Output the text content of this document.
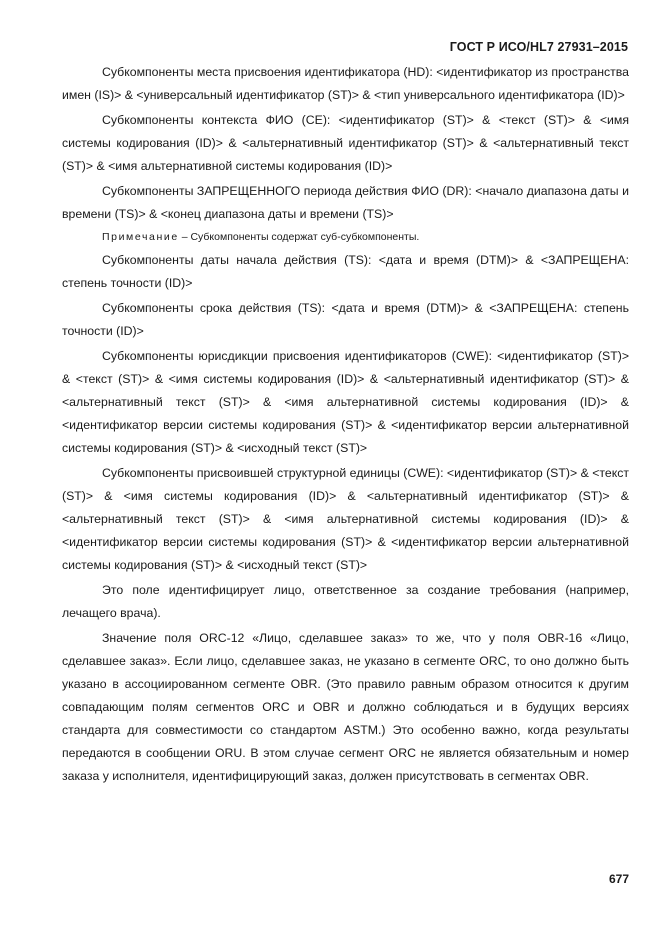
ГОСТ Р ИСО/HL7 27931–2015

Субкомпоненты места присвоения идентификатора (HD): <идентификатор из пространства имен (IS)> & <универсальный идентификатор (ST)> & <тип универсального идентификатора (ID)>

Субкомпоненты контекста ФИО (CE): <идентификатор (ST)> & <текст (ST)> & <имя системы кодирования (ID)> & <альтернативный идентификатор (ST)> & <альтернативный текст (ST)> & <имя альтернативной системы кодирования (ID)>

Субкомпоненты ЗАПРЕЩЕННОГО периода действия ФИО (DR): <начало диапазона даты и времени (TS)> & <конец диапазона даты и времени (TS)>

Примечание – Субкомпоненты содержат суб-субкомпоненты.

Субкомпоненты даты начала действия (TS): <дата и время (DTM)> & <ЗАПРЕЩЕНА: степень точности (ID)>

Субкомпоненты срока действия (TS): <дата и время (DTM)> & <ЗАПРЕЩЕНА: степень точности (ID)>

Субкомпоненты юрисдикции присвоения идентификаторов (CWE): <идентификатор (ST)> & <текст (ST)> & <имя системы кодирования (ID)> & <альтернативный идентификатор (ST)> & <альтернативный текст (ST)> & <имя альтернативной системы кодирования (ID)> & <идентификатор версии системы кодирования (ST)> & <идентификатор версии альтернативной системы кодирования (ST)> & <исходный текст (ST)>

Субкомпоненты присвоившей структурной единицы (CWE): <идентификатор (ST)> & <текст (ST)> & <имя системы кодирования (ID)> & <альтернативный идентификатор (ST)> & <альтернативный текст (ST)> & <имя альтернативной системы кодирования (ID)> & <идентификатор версии системы кодирования (ST)> & <идентификатор версии альтернативной системы кодирования (ST)> & <исходный текст (ST)>

Это поле идентифицирует лицо, ответственное за создание требования (например, лечащего врача).

Значение поля ORC-12 «Лицо, сделавшее заказ» то же, что у поля OBR-16 «Лицо, сделавшее заказ». Если лицо, сделавшее заказ, не указано в сегменте ORC, то оно должно быть указано в ассоциированном сегменте OBR. (Это правило равным образом относится к другим совпадающим полям сегментов ORC и OBR и должно соблюдаться и в будущих версиях стандарта для совместимости со стандартом ASTM.) Это особенно важно, когда результаты передаются в сообщении ORU. В этом случае сегмент ORC не является обязательным и номер заказа у исполнителя, идентифицирующий заказ, должен присутствовать в сегментах OBR.

677
